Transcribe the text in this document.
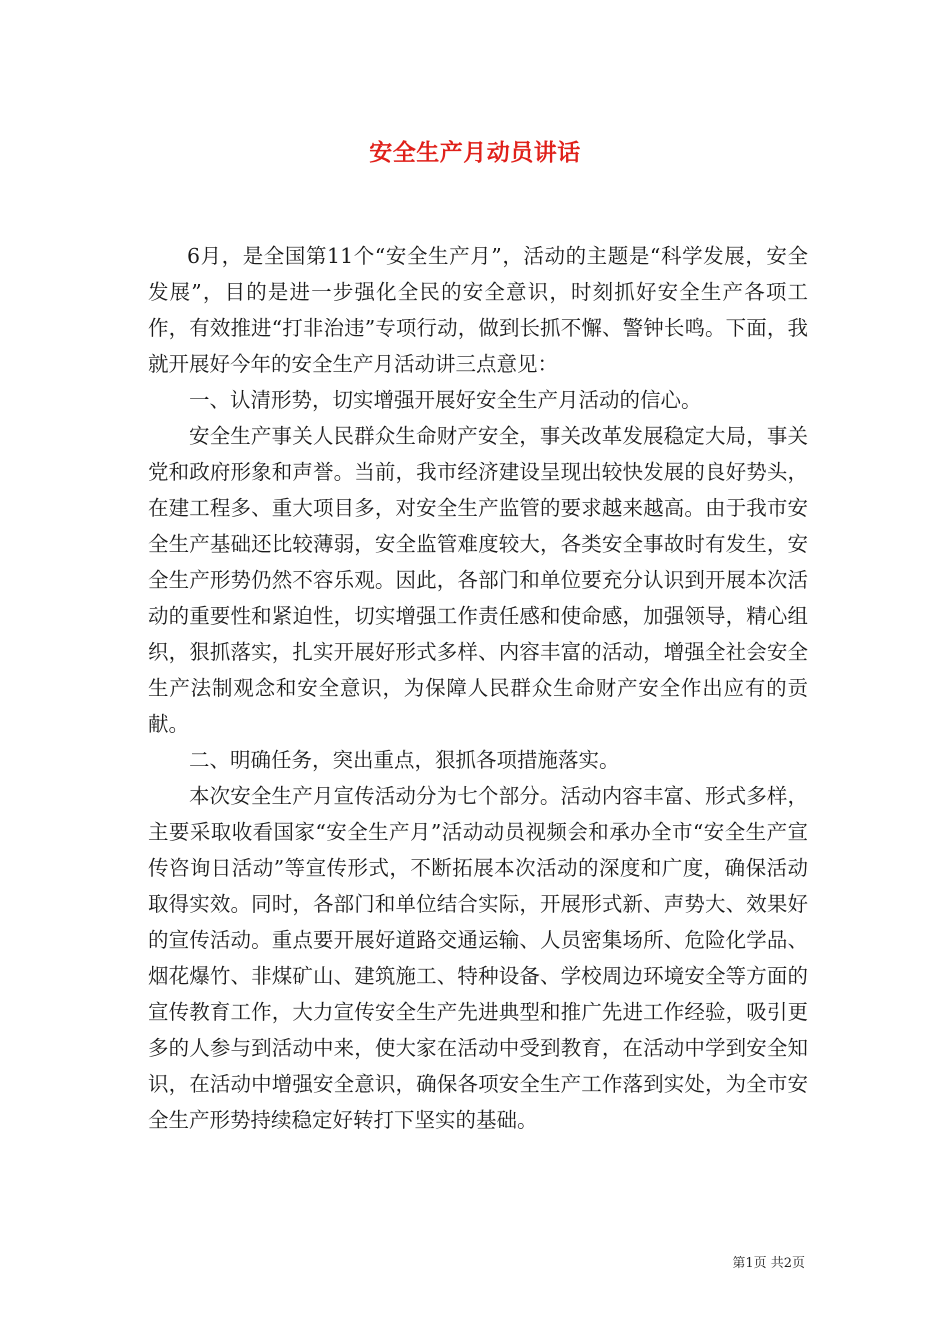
安全生产月动员讲话

6月，是全国第11个“安全生产月”，活动的主题是“科学发展，安全发展”，目的是进一步强化全民的安全意识，时刻抓好安全生产各项工作，有效推进“打非治违”专项行动，做到长抓不懈、警钟长鸣。下面，我就开展好今年的安全生产月活动讲三点意见：

一、认清形势，切实增强开展好安全生产月活动的信心。

安全生产事关人民群众生命财产安全，事关改革发展稳定大局，事关党和政府形象和声誉。当前，我市经济建设呈现出较快发展的良好势头，在建工程多、重大项目多，对安全生产监管的要求越来越高。由于我市安全生产基础还比较薄弱，安全监管难度较大，各类安全事故时有发生，安全生产形势仍然不容乐观。因此，各部门和单位要充分认识到开展本次活动的重要性和紧迫性，切实增强工作责任感和使命感，加强领导，精心组织，狠抓落实，扎实开展好形式多样、内容丰富的活动，增强全社会安全生产法制观念和安全意识，为保障人民群众生命财产安全作出应有的贡献。

二、明确任务，突出重点，狠抓各项措施落实。

本次安全生产月宣传活动分为七个部分。活动内容丰富、形式多样，主要采取收看国家“安全生产月”活动动员视频会和承办全市“安全生产宣传咨询日活动”等宣传形式，不断拓展本次活动的深度和广度，确保活动取得实效。同时，各部门和单位结合实际，开展形式新、声势大、效果好的宣传活动。重点要开展好道路交通运输、人员密集场所、危险化学品、烟花爆竹、非煤矿山、建筑施工、特种设备、学校周边环境安全等方面的宣传教育工作，大力宣传安全生产先进典型和推广先进工作经验，吸引更多的人参与到活动中来，使大家在活动中受到教育，在活动中学到安全知识，在活动中增强安全意识，确保各项安全生产工作落到实处，为全市安全生产形势持续稳定好转打下坚实的基础。

第1页 共2页
